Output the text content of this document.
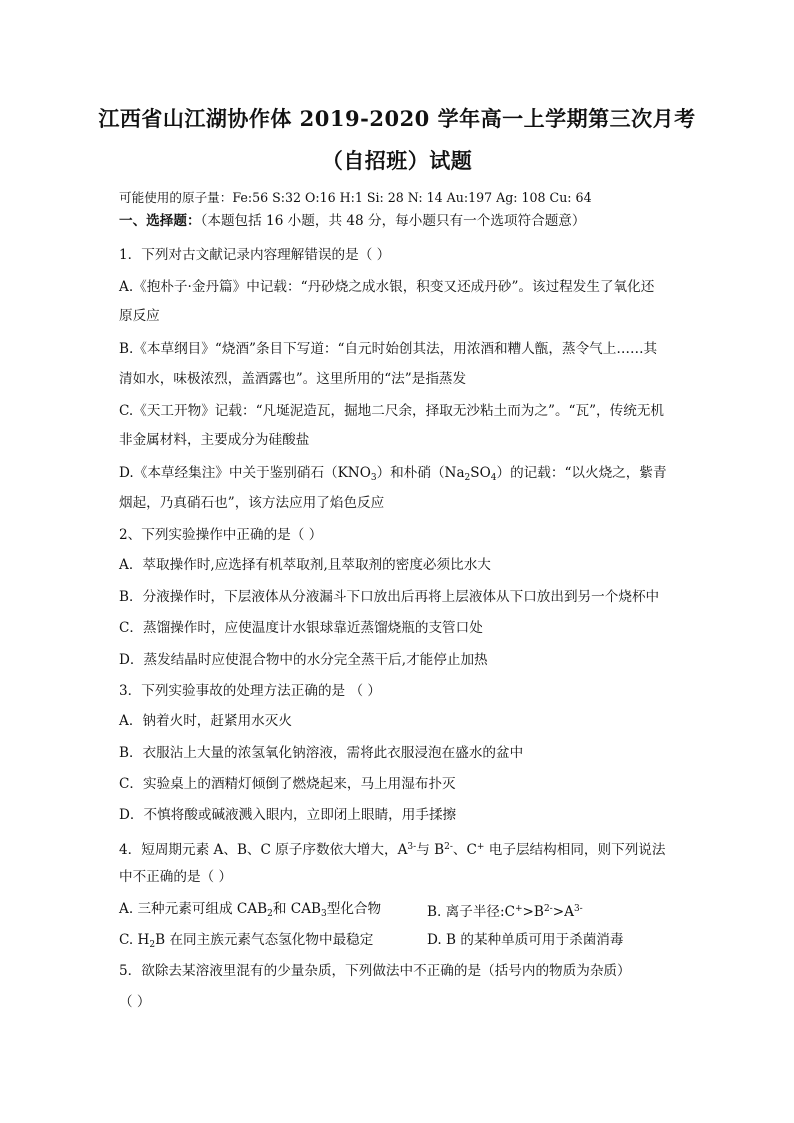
江西省山江湖协作体 2019-2020 学年高一上学期第三次月考
（自招班）试题
可能使用的原子量：Fe:56 S:32 O:16 H:1 Si: 28 N: 14 Au:197 Ag: 108 Cu: 64
一、选择题：（本题包括 16 小题，共 48 分，每小题只有一个选项符合题意）
1．下列对古文献记录内容理解错误的是（ ）
A.《抱朴子·金丹篇》中记载：“丹砂烧之成水银，积变又还成丹砂”。该过程发生了氧化还
原反应
B.《本草纲目》“烧酒”条目下写道：“自元时始创其法，用浓酒和糟人甑，蒸令气上……其
清如水，味极浓烈，盖酒露也”。这里所用的“法”是指蒸发
C.《天工开物》记载：“凡埏泥造瓦，掘地二尺余，择取无沙粘土而为之”。“瓦”，传统无机
非金属材料，主要成分为硅酸盐
D.《本草经集注》中关于鉴别硝石$(KNO_3)$和朴硝$(Na_2SO_4)$的记载：“以火烧之，紫青
烟起，乃真硝石也”，该方法应用了焰色反应
2、下列实验操作中正确的是（ ）
A．萃取操作时,应选择有机萃取剂,且萃取剂的密度必须比水大
B．分液操作时，下层液体从分液漏斗下口放出后再将上层液体从下口放出到另一个烧杯中
C．蒸馏操作时，应使温度计水银球靠近蒸馏烧瓶的支管口处
D．蒸发结晶时应使混合物中的水分完全蒸干后,才能停止加热
3．下列实验事故的处理方法正确的是 （ ）
A．钠着火时，赶紧用水灭火
B．衣服沾上大量的浓氢氧化钠溶液，需将此衣服浸泡在盛水的盆中
C．实验桌上的酒精灯倾倒了燃烧起来，马上用湿布扑灭
D．不慎将酸或碱液溅入眼内，立即闭上眼睛，用手揉擦
4．短周期元素 A、B、C 原子序数依大增大，$A^{3-}$与 $B^{2-}$、C+ 电子层结构相同，则下列说法
中不正确的是（ ）
A. 三种元素可组成 $CAB_2$和 $CAB_3$型化合物	B. 离子半径$:C^+>B^{2-}>A^{3-}$
C. $H_2B$ 在同主族元素气态氢化物中最稳定	D. B 的某种单质可用于杀菌消毒
5．欲除去某溶液里混有的少量杂质，下列做法中不正确的是（括号内的物质为杂质）
（ ）
